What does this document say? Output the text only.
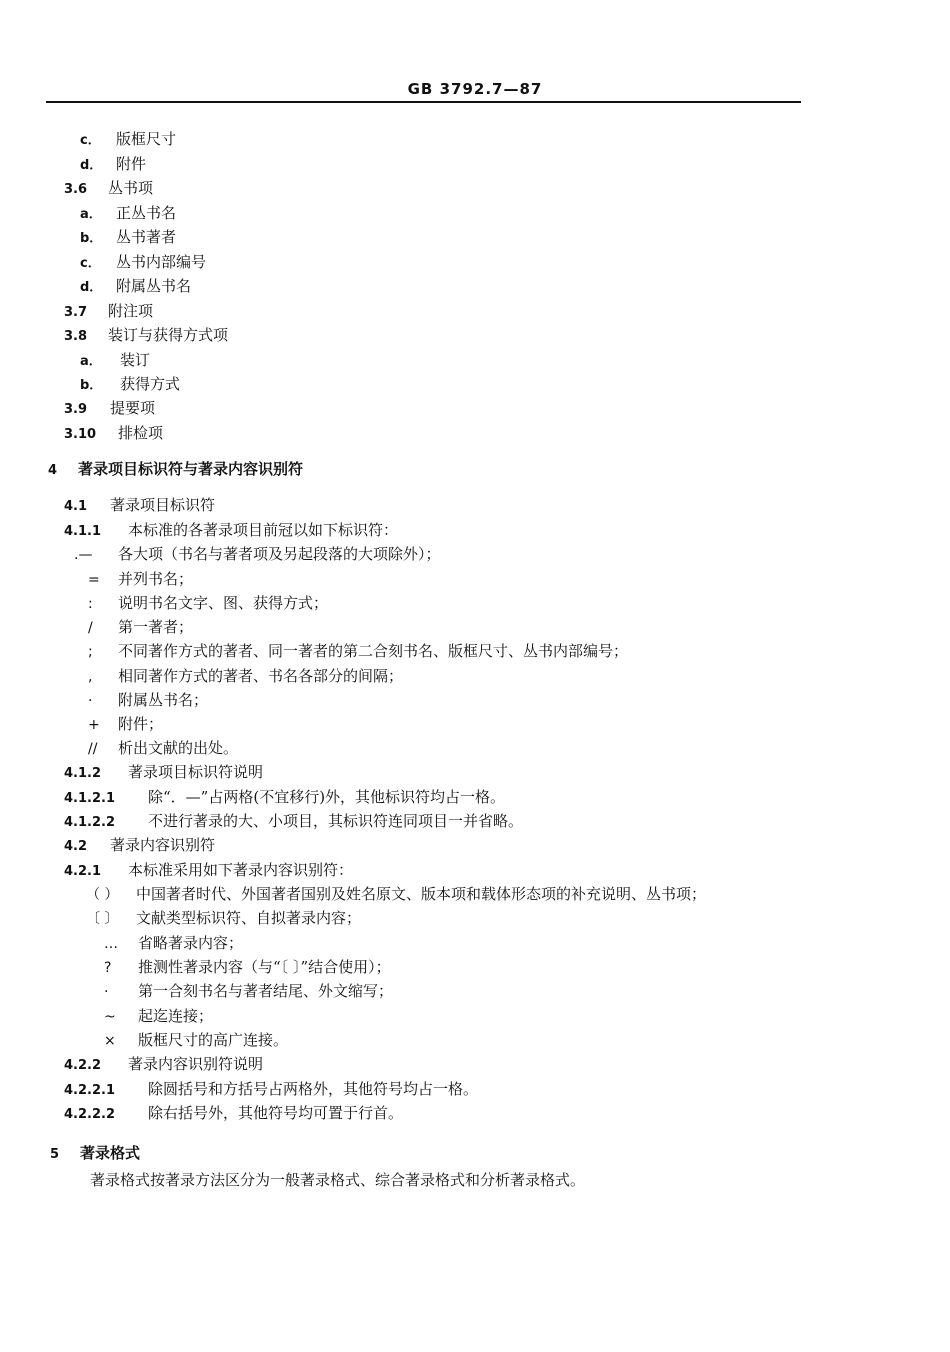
GB 3792.7—87
c． 版框尺寸
d． 附件
3.6 丛书项
a． 正丛书名
b． 丛书著者
c． 丛书内部编号
d． 附属丛书名
3.7 附注项
3.8 装订与获得方式项
a． 装订
b． 获得方式
3.9 提要项
3.10 排检项
4 著录项目标识符与著录内容识别符
4.1 著录项目标识符
4.1.1 本标准的各著录项目前冠以如下标识符：
.— 各大项（书名与著者项及另起段落的大项除外）；
= 并列书名；
: 说明书名文字、图、获得方式；
/ 第一著者；
; 不同著作方式的著者、同一著者的第二合刻书名、版框尺寸、丛书内部编号；
, 相同著作方式的著者、书名各部分的间隔；
· 附属丛书名；
+ 附件；
// 析出文献的出处。
4.1.2 著录项目标识符说明
4.1.2.1 除“．—”占两格(不宜移行)外，其他标识符均占一格。
4.1.2.2 不进行著录的大、小项目，其标识符连同项目一并省略。
4.2 著录内容识别符
4.2.1 本标准采用如下著录内容识别符：
（ ） 中国著者时代、外国著者国别及姓名原文、版本项和载体形态项的补充说明、丛书项；
〔 〕 文献类型标识符、自拟著录内容；
… 省略著录内容；
? 推测性著录内容（与“〔 〕”结合使用）；
· 第一合刻书名与著者结尾、外文缩写；
~ 起迄连接；
× 版框尺寸的高广连接。
4.2.2 著录内容识别符说明
4.2.2.1 除圆括号和方括号占两格外，其他符号均占一格。
4.2.2.2 除右括号外，其他符号均可置于行首。
5 著录格式
著录格式按著录方法区分为一般著录格式、综合著录格式和分析著录格式。
